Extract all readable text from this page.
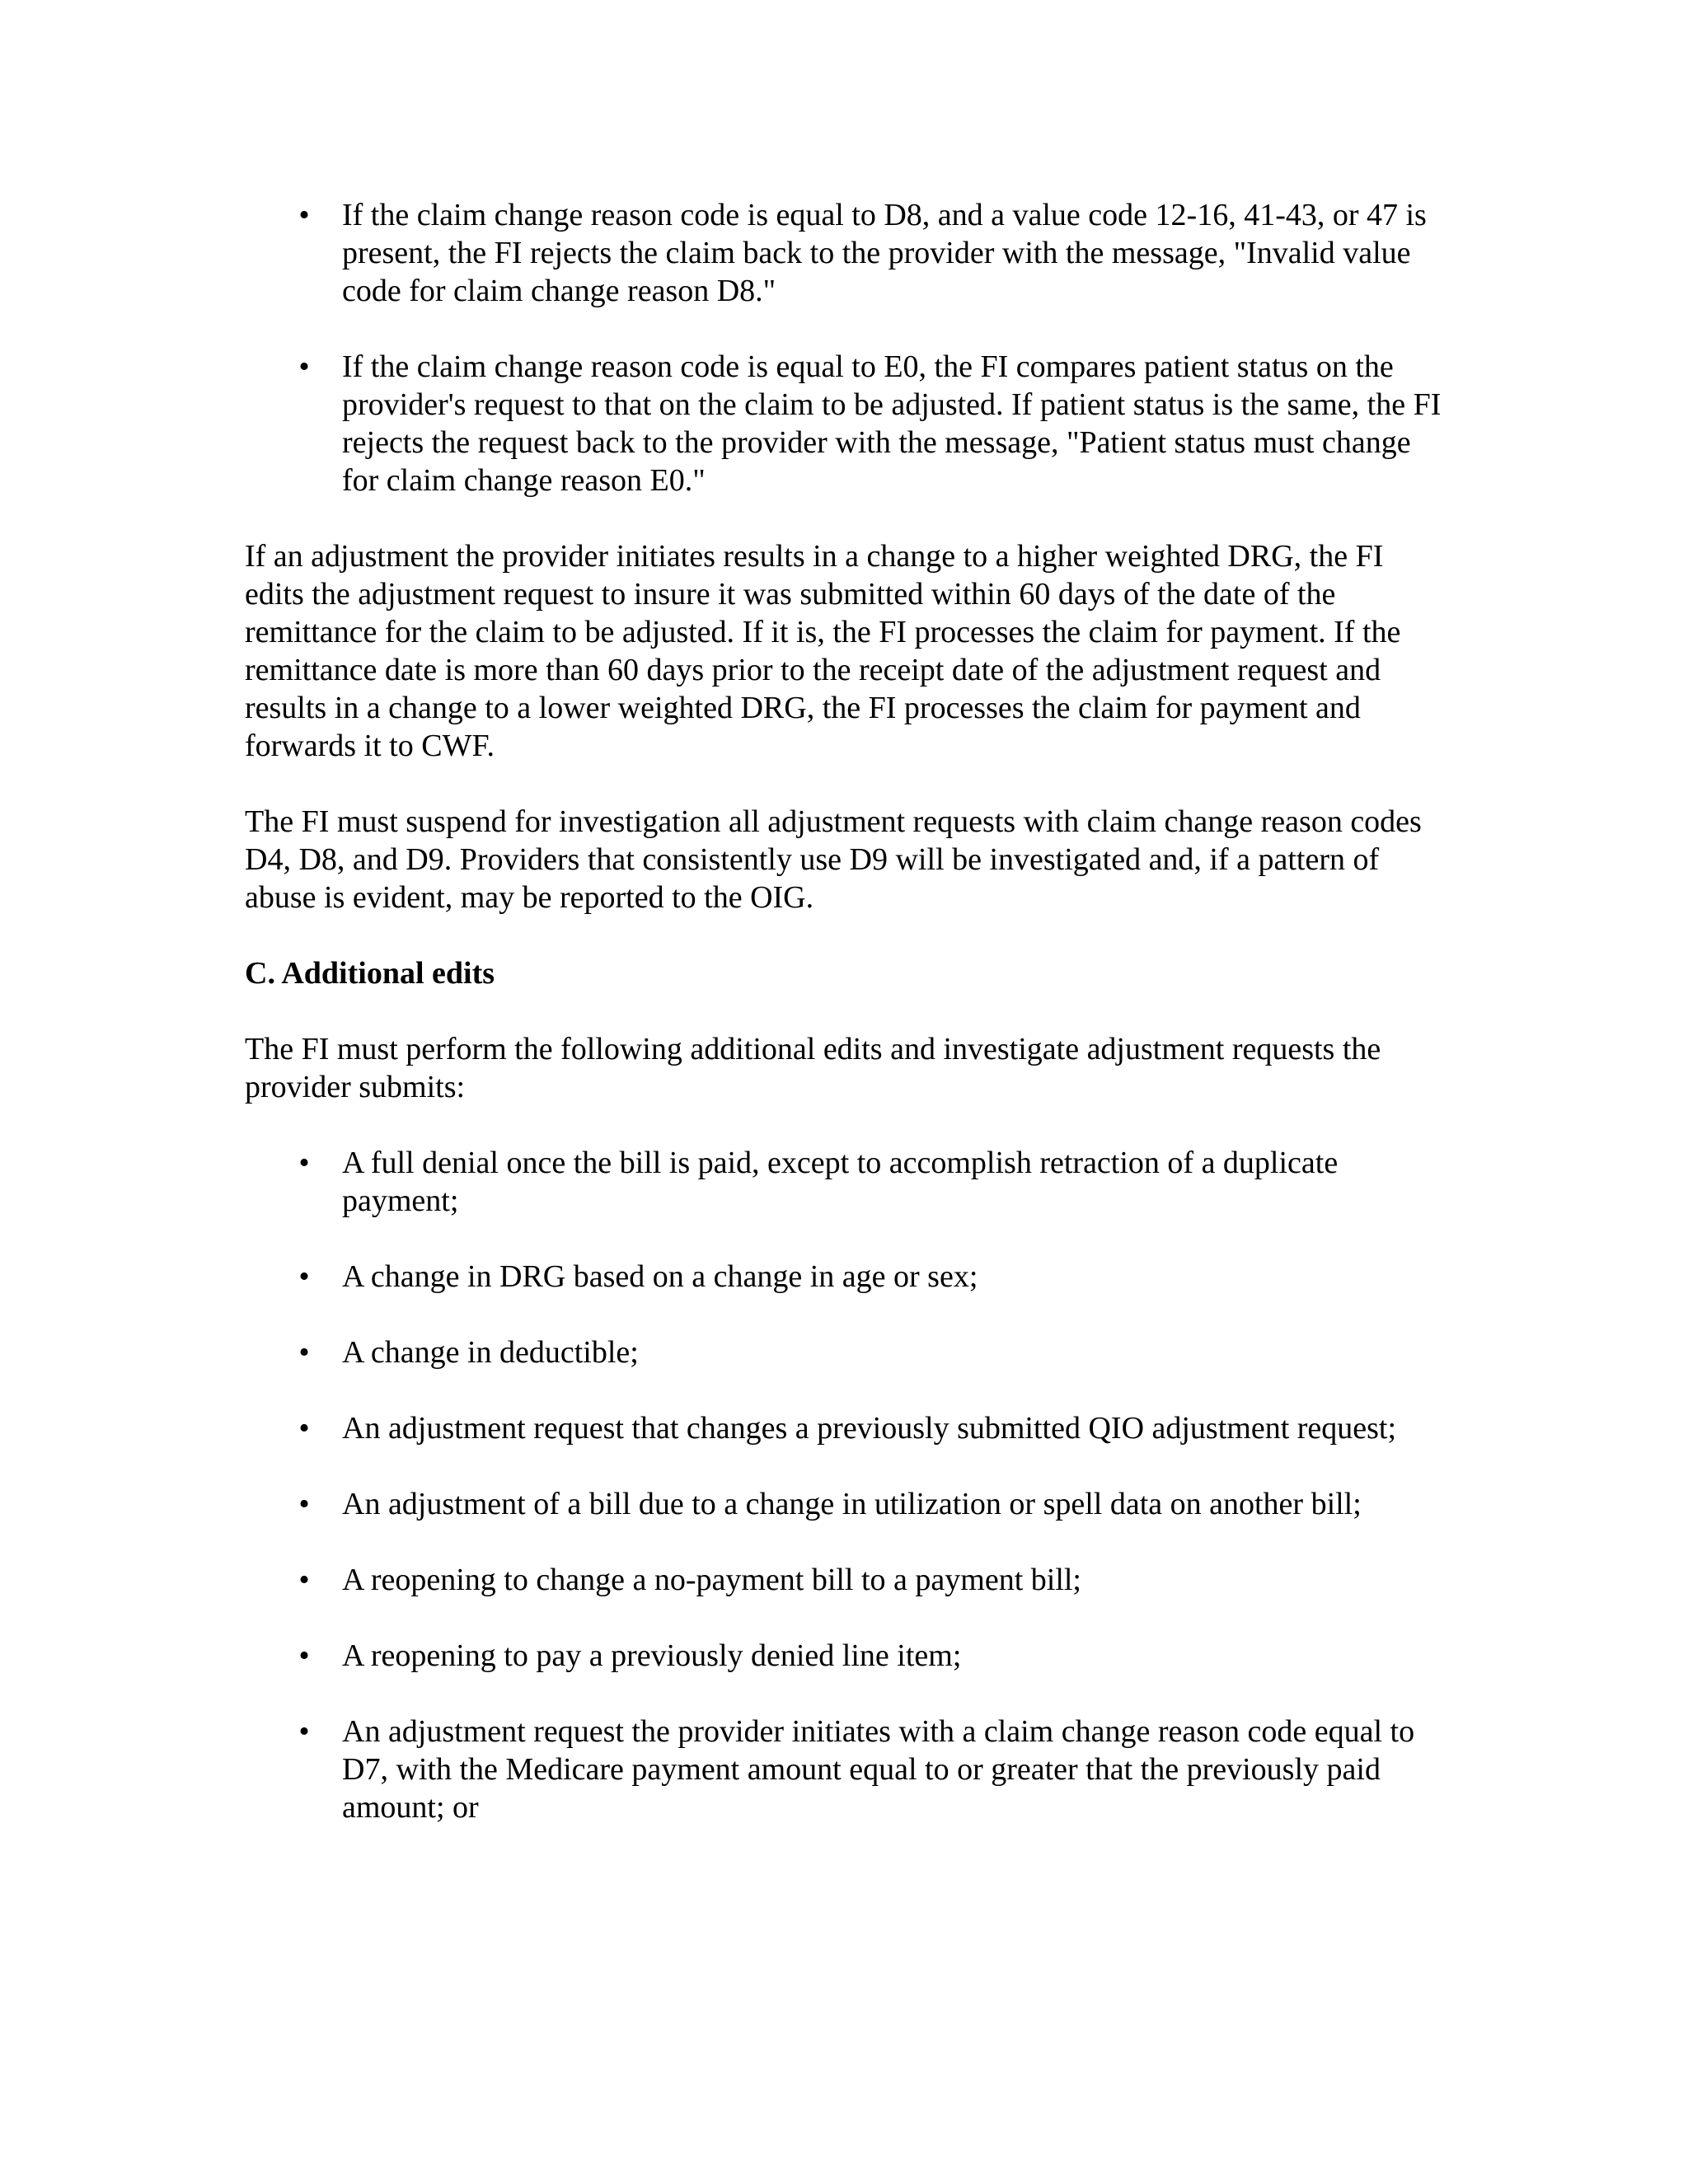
• If the claim change reason code is equal to D8, and a value code 12-16, 41-43, or 47 is present, the FI rejects the claim back to the provider with the message, "Invalid value code for claim change reason D8."
• If the claim change reason code is equal to E0, the FI compares patient status on the provider's request to that on the claim to be adjusted. If patient status is the same, the FI rejects the request back to the provider with the message, "Patient status must change for claim change reason E0."

If an adjustment the provider initiates results in a change to a higher weighted DRG, the FI edits the adjustment request to insure it was submitted within 60 days of the date of the remittance for the claim to be adjusted. If it is, the FI processes the claim for payment. If the remittance date is more than 60 days prior to the receipt date of the adjustment request and results in a change to a lower weighted DRG, the FI processes the claim for payment and forwards it to CWF.

The FI must suspend for investigation all adjustment requests with claim change reason codes D4, D8, and D9. Providers that consistently use D9 will be investigated and, if a pattern of abuse is evident, may be reported to the OIG.

C. Additional edits

The FI must perform the following additional edits and investigate adjustment requests the provider submits:

• A full denial once the bill is paid, except to accomplish retraction of a duplicate payment;
• A change in DRG based on a change in age or sex;
• A change in deductible;
• An adjustment request that changes a previously submitted QIO adjustment request;
• An adjustment of a bill due to a change in utilization or spell data on another bill;
• A reopening to change a no-payment bill to a payment bill;
• A reopening to pay a previously denied line item;
• An adjustment request the provider initiates with a claim change reason code equal to D7, with the Medicare payment amount equal to or greater that the previously paid amount; or
